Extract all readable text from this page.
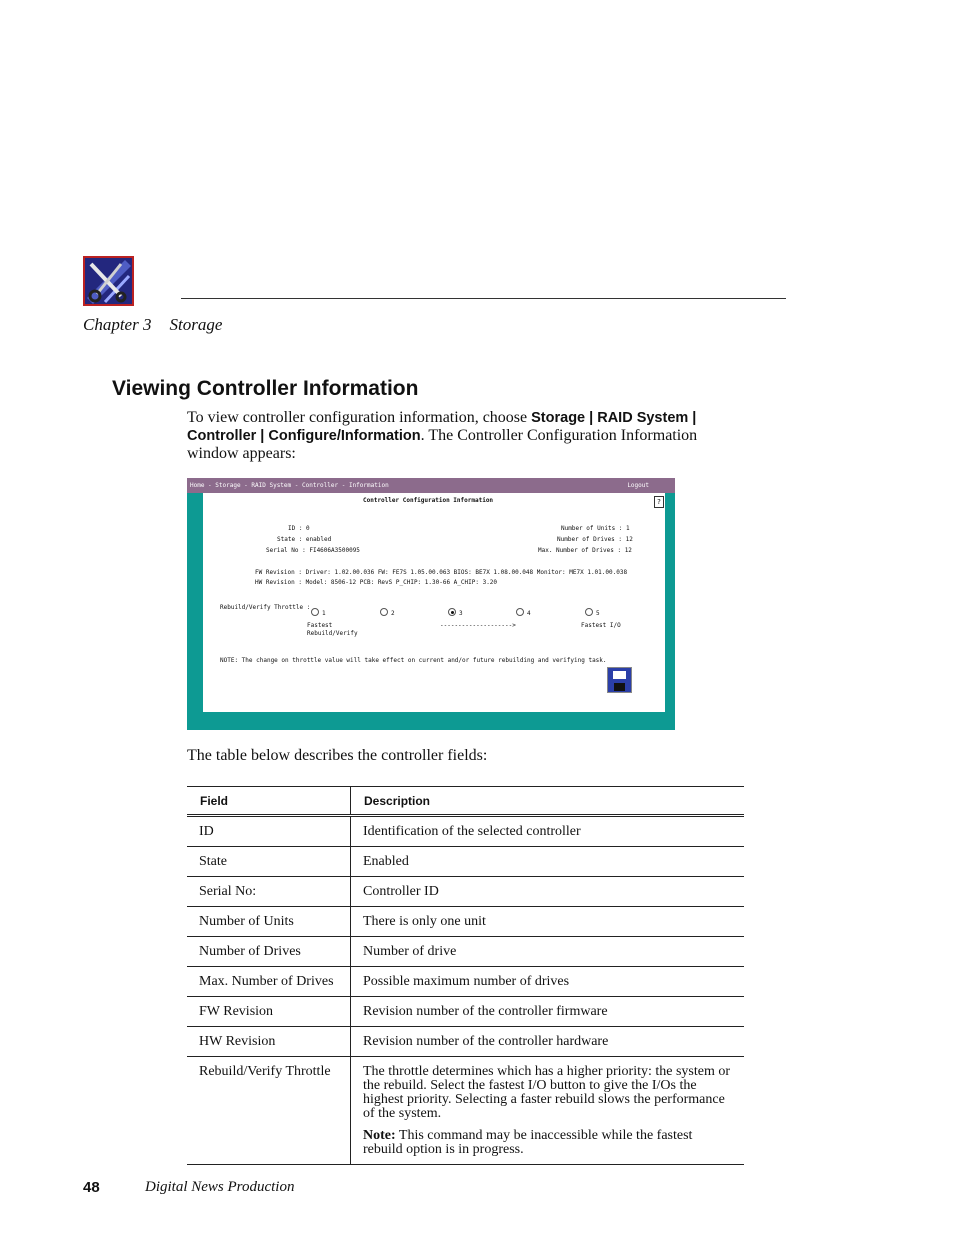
Chapter 3 Storage
Viewing Controller Information
To view controller configuration information, choose Storage | RAID System | Controller | Configure/Information. The Controller Configuration Information window appears:
Home - Storage - RAID System - Controller - Information	Logout
Controller Configuration Information	?
ID : 0
State : enabled
Serial No : FI4606A3500095
Number of Units : 1
Number of Drives : 12
Max. Number of Drives : 12
FW Revision : Driver: 1.02.00.036 FW: FE7S 1.05.00.063 BIOS: BE7X 1.08.00.048 Monitor: ME7X 1.01.00.038
HW Revision : Model: 8506-12 PCB: RevS P_CHIP: 1.30-66 A_CHIP: 3.20
Rebuild/Verify Throttle :
1	2	3	4	5
Fastest
Rebuild/Verify
-------------------->	Fastest I/O
NOTE: The change on throttle value will take effect on current and/or future rebuilding and verifying task.
The table below describes the controller fields:
Field	Description
ID	Identification of the selected controller
State	Enabled
Serial No:	Controller ID
Number of Units	There is only one unit
Number of Drives	Number of drive
Max. Number of Drives	Possible maximum number of drives
FW Revision	Revision number of the controller firmware
HW Revision	Revision number of the controller hardware
Rebuild/Verify Throttle	The throttle determines which has a higher priority: the system or the rebuild. Select the fastest I/O button to give the I/Os the highest priority. Selecting a faster rebuild slows the performance of the system.
Note: This command may be inaccessible while the fastest rebuild option is in progress.
48	Digital News Production
